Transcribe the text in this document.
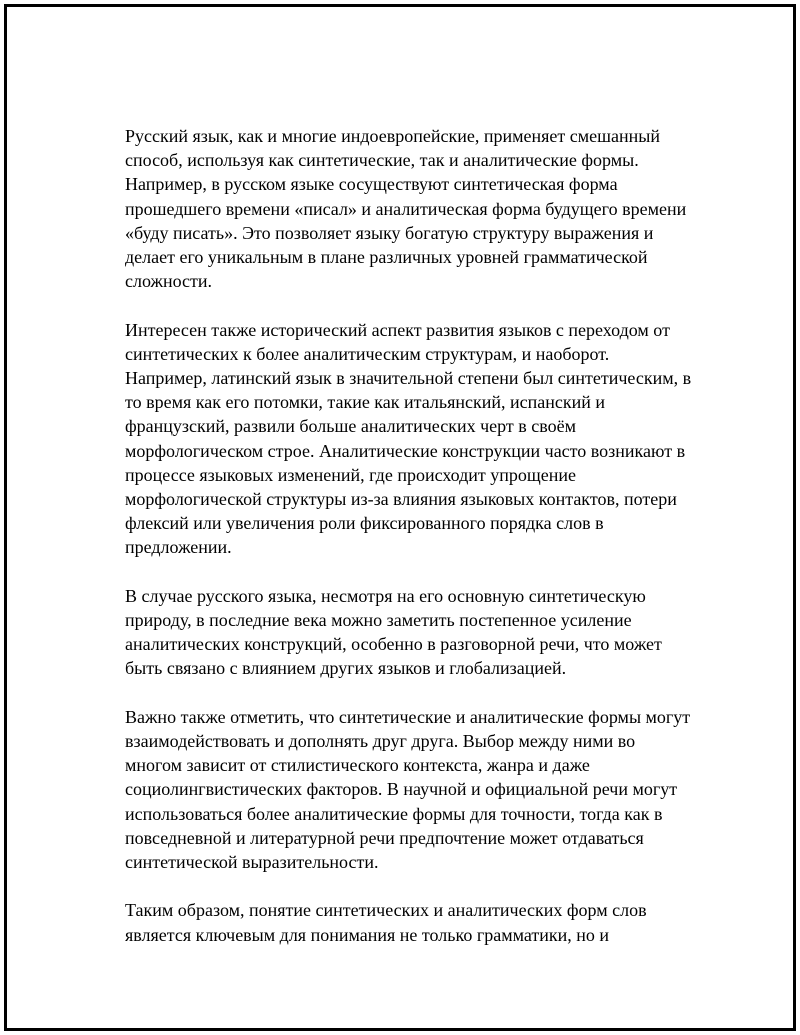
Русский язык, как и многие индоевропейские, применяет смешанный способ, используя как синтетические, так и аналитические формы. Например, в русском языке сосуществуют синтетическая форма прошедшего времени «писал» и аналитическая форма будущего времени «буду писать». Это позволяет языку богатую структуру выражения и делает его уникальным в плане различных уровней грамматической сложности.

Интересен также исторический аспект развития языков с переходом от синтетических к более аналитическим структурам, и наоборот. Например, латинский язык в значительной степени был синтетическим, в то время как его потомки, такие как итальянский, испанский и французский, развили больше аналитических черт в своём морфологическом строе. Аналитические конструкции часто возникают в процессе языковых изменений, где происходит упрощение морфологической структуры из-за влияния языковых контактов, потери флексий или увеличения роли фиксированного порядка слов в предложении.

В случае русского языка, несмотря на его основную синтетическую природу, в последние века можно заметить постепенное усиление аналитических конструкций, особенно в разговорной речи, что может быть связано с влиянием других языков и глобализацией.

Важно также отметить, что синтетические и аналитические формы могут взаимодействовать и дополнять друг друга. Выбор между ними во многом зависит от стилистического контекста, жанра и даже социолингвистических факторов. В научной и официальной речи могут использоваться более аналитические формы для точности, тогда как в повседневной и литературной речи предпочтение может отдаваться синтетической выразительности.

Таким образом, понятие синтетических и аналитических форм слов является ключевым для понимания не только грамматики, но и
